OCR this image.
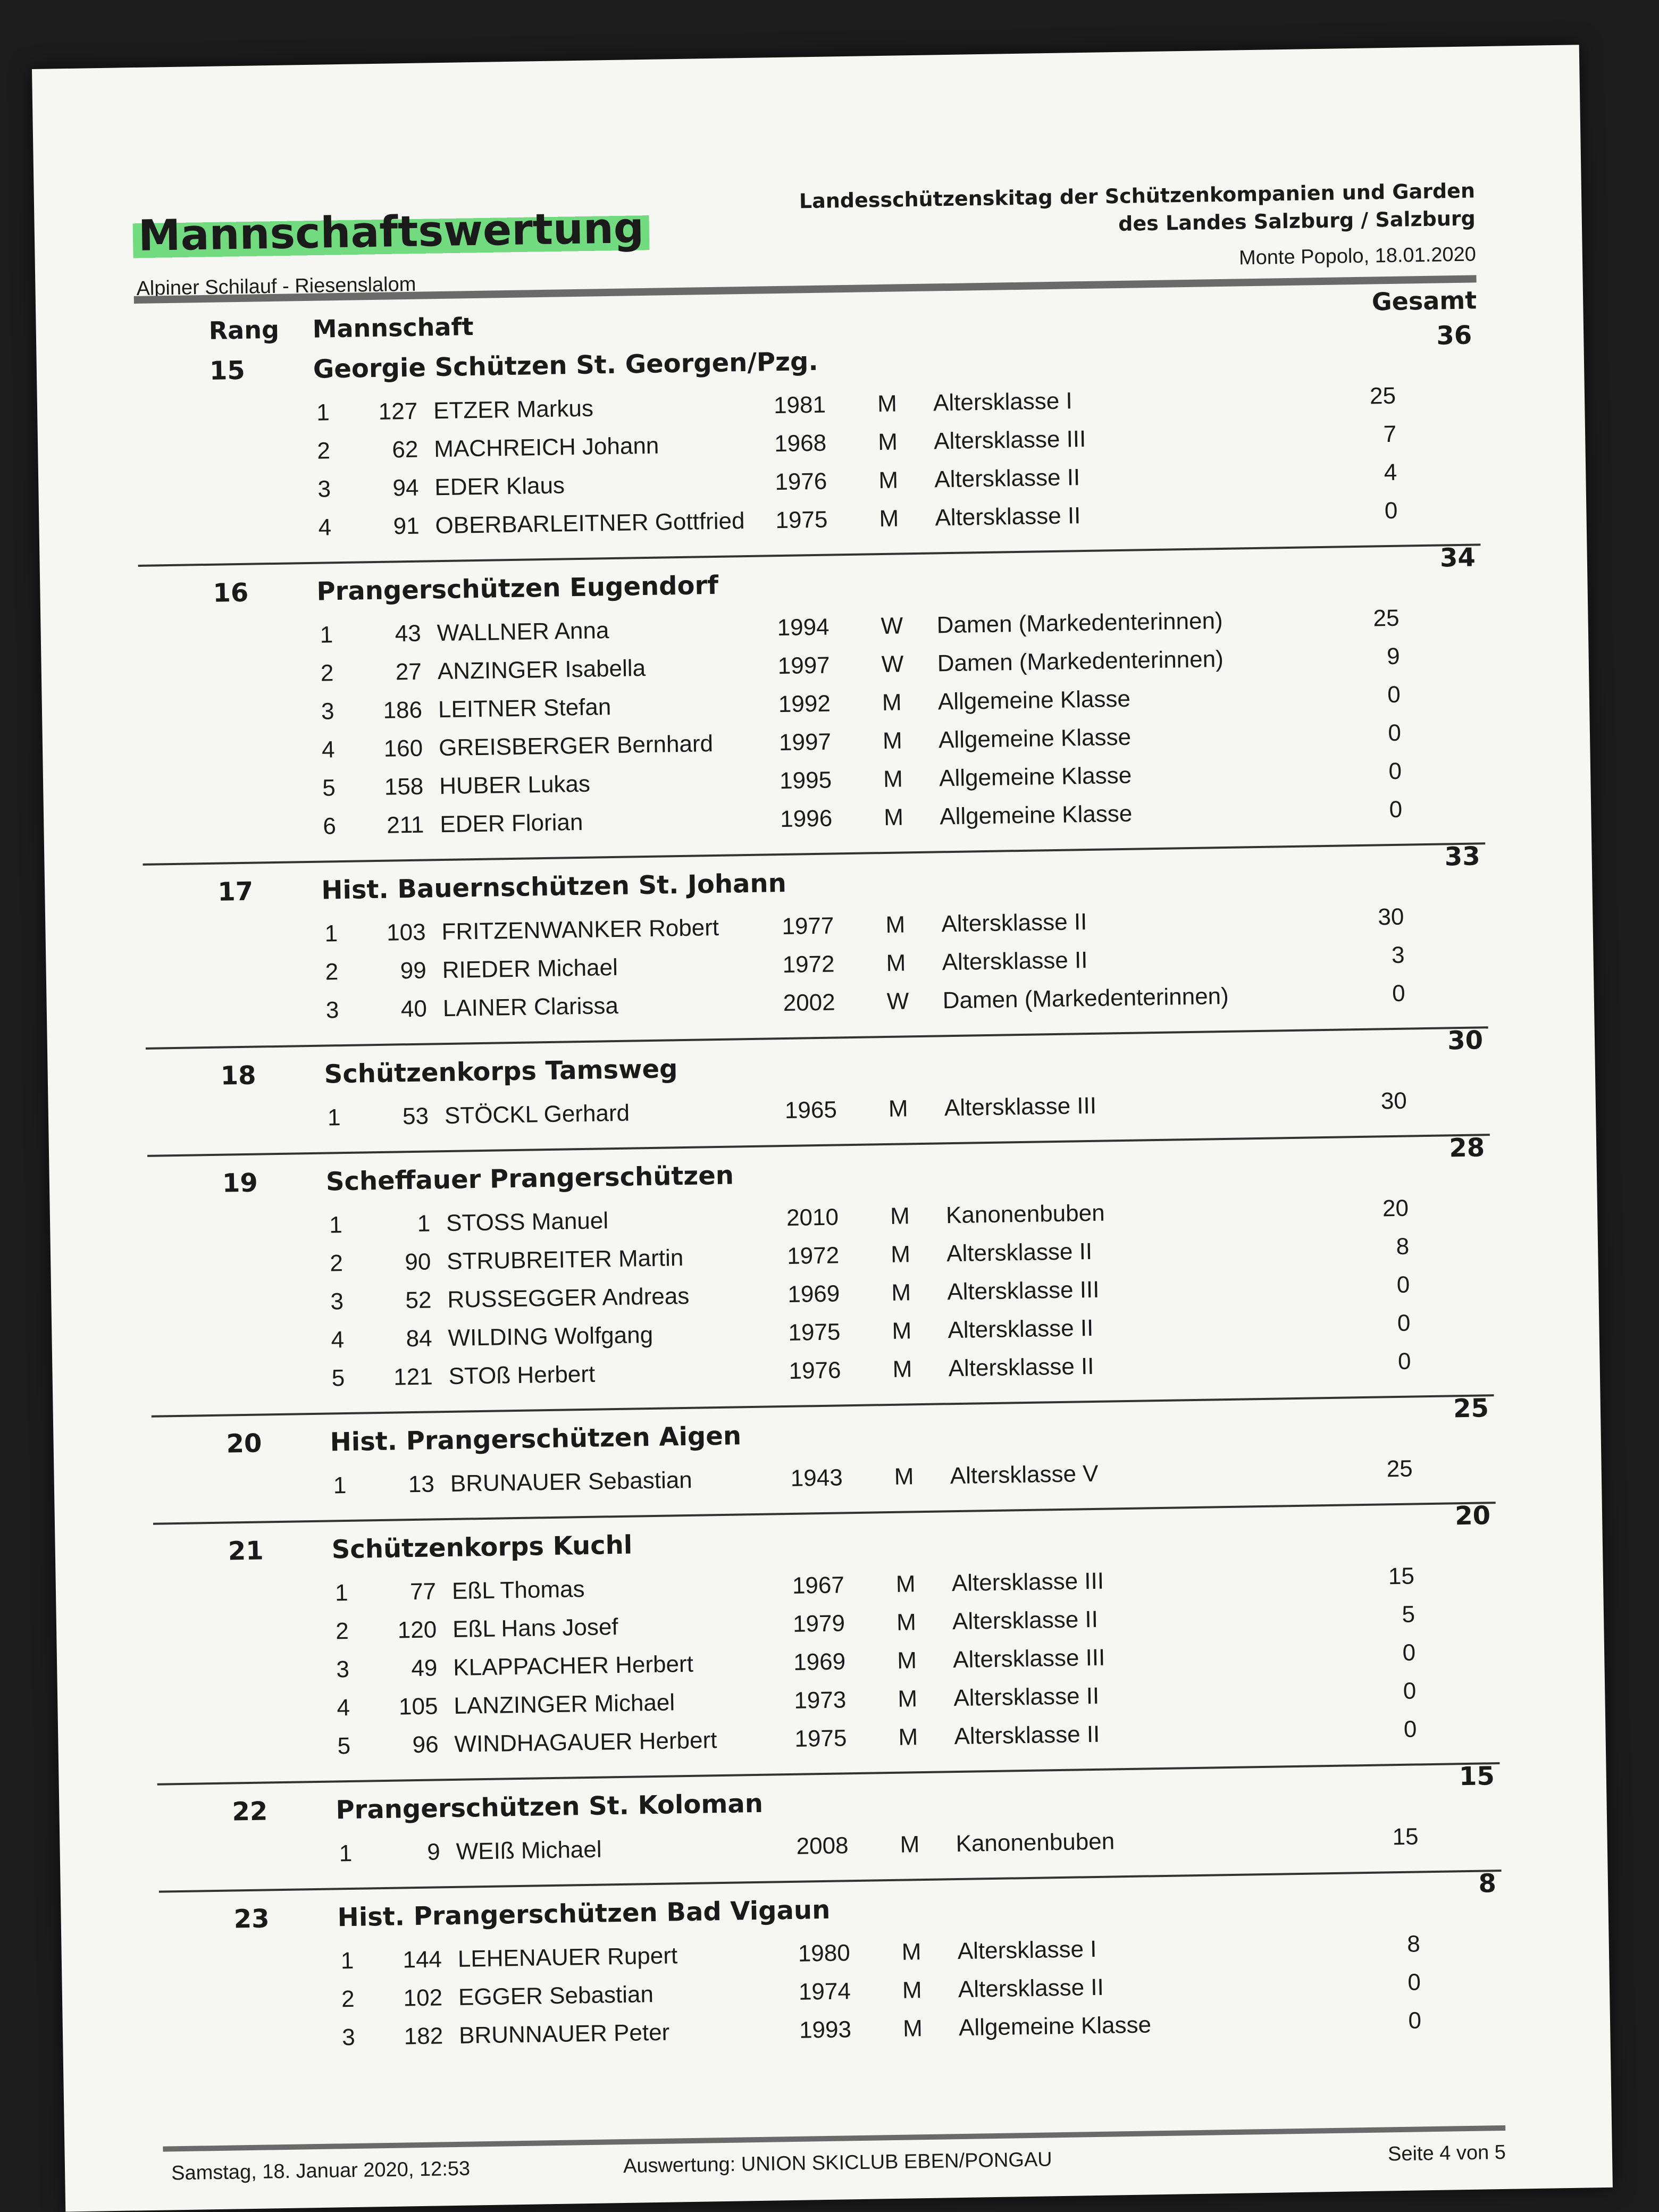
Mannschaftswertung
Alpiner Schilauf - Riesenslalom
Landesschützenskitag der Schützenkompanien und Garden
des Landes Salzburg / Salzburg
Monte Popolo, 18.01.2020
Rang Mannschaft
Gesamt
15	Georgie Schützen St. Georgen/Pzg.
36
1	127 ETZER Markus	1981 M Altersklasse I	25
2	62 MACHREICH Johann	1968 M Altersklasse III	7
3	94 EDER Klaus	1976 M Altersklasse II	4
4	91 OBERBARLEITNER Gottfried 1975 M Altersklasse II	0
16	Prangerschützen Eugendorf
34
1	43 WALLNER Anna	1994 W Damen (Markedenterinnen)	25
2	27 ANZINGER Isabella	1997 W Damen (Markedenterinnen)	9
3	186 LEITNER Stefan	1992 M Allgemeine Klasse	0
4	160 GREISBERGER Bernhard	1997 M Allgemeine Klasse	0
5	158 HUBER Lukas	1995 M Allgemeine Klasse	0
6	211 EDER Florian	1996 M Allgemeine Klasse	0
17	Hist. Bauernschützen St. Johann
33
1	103 FRITZENWANKER Robert	1977 M Altersklasse II	30
2	99 RIEDER Michael	1972 M Altersklasse II	3
3	40 LAINER Clarissa	2002 W Damen (Markedenterinnen)	0
18	Schützenkorps Tamsweg
30
1	53 STÖCKL Gerhard	1965 M Altersklasse III	30
19	Scheffauer Prangerschützen
28
1	1 STOSS Manuel	2010 M Kanonenbuben	20
2	90 STRUBREITER Martin	1972 M Altersklasse II	8
3	52 RUSSEGGER Andreas	1969 M Altersklasse III	0
4	84 WILDING Wolfgang	1975 M Altersklasse II	0
5	121 STOß Herbert	1976 M Altersklasse II	0
20	Hist. Prangerschützen Aigen
25
1	13 BRUNAUER Sebastian	1943 M Altersklasse V	25
21	Schützenkorps Kuchl
20
1	77 EßL Thomas	1967 M Altersklasse III	15
2	120 EßL Hans Josef	1979 M Altersklasse II	5
3	49 KLAPPACHER Herbert	1969 M Altersklasse III	0
4	105 LANZINGER Michael	1973 M Altersklasse II	0
5	96 WINDHAGAUER Herbert	1975 M Altersklasse II	0
22	Prangerschützen St. Koloman
15
1	9 WEIß Michael	2008 M Kanonenbuben	15
23	Hist. Prangerschützen Bad Vigaun
8
1	144 LEHENAUER Rupert	1980 M Altersklasse I	8
2	102 EGGER Sebastian	1974 M Altersklasse II	0
3	182 BRUNNAUER Peter	1993 M Allgemeine Klasse	0
Samstag, 18. Januar 2020, 12:53	Auswertung: UNION SKICLUB EBEN/PONGAU	Seite 4 von 5
